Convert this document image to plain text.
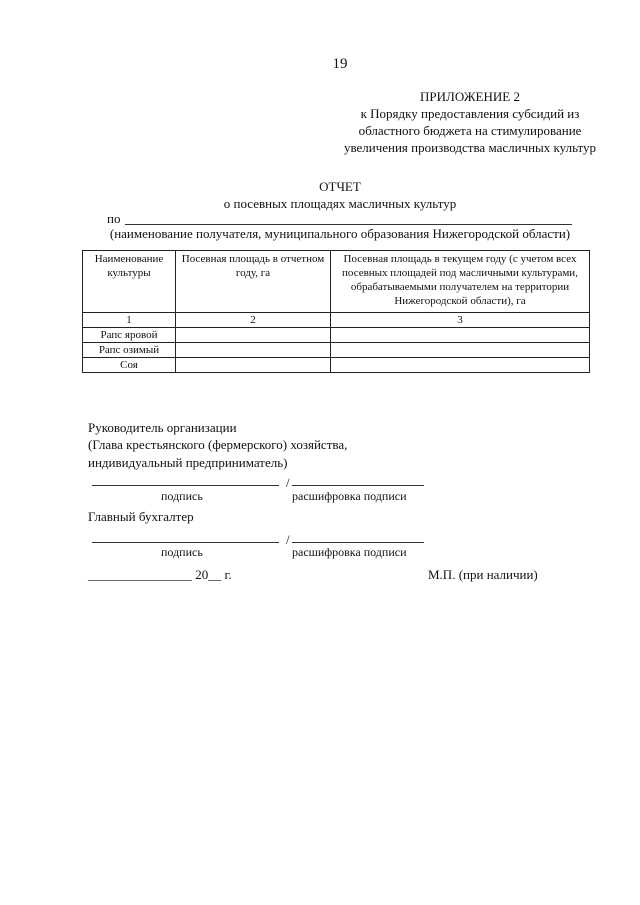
19
ПРИЛОЖЕНИЕ 2
к Порядку предоставления субсидий из
областного бюджета на стимулирование
увеличения производства масличных культур
ОТЧЕТ
о посевных площадях масличных культур
по
(наименование получателя, муниципального образования Нижегородской области)
Наименование культуры	Посевная площадь в отчетном году, га	Посевная площадь в текущем году (с учетом всех посевных площадей под масличными культурами, обрабатываемыми получателем на территории Нижегородской области), га
1	2	3
Рапс яровой		
Рапс озимый		
Соя		
Руководитель организации
(Глава крестьянского (фермерского) хозяйства,
индивидуальный предприниматель)
/
подпись	расшифровка подписи
Главный бухгалтер
/
подпись	расшифровка подписи
________________ 20__ г.	М.П. (при наличии)
